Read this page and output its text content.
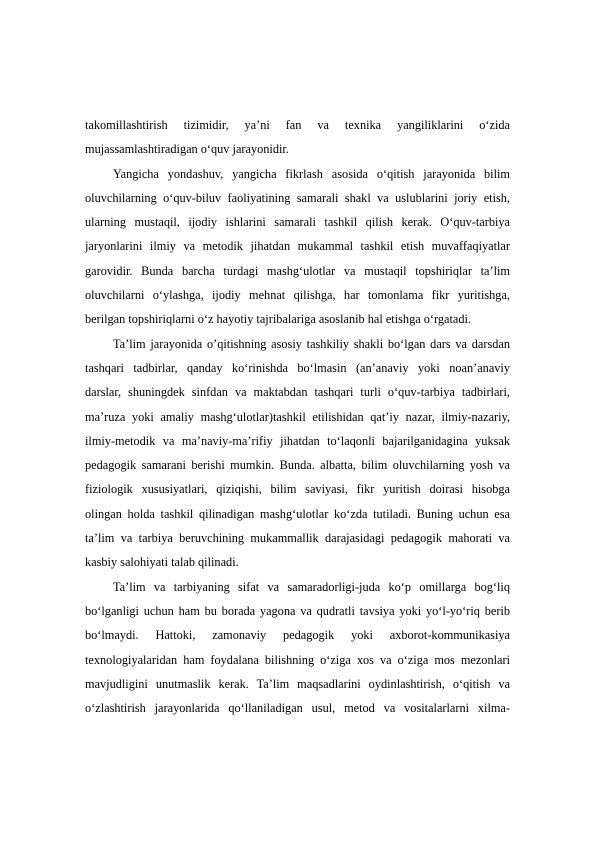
takomillashtirish tizimidir, ya’ni fan va texnika yangiliklarini o‘zida
mujassamlashtiradigan o‘quv jarayonidir.
Yangicha yondashuv, yangicha fikrlash asosida o‘qitish jarayonida bilim
oluvchilarning o‘quv-biluv faoliyatining samarali shakl va uslublarini joriy etish,
ularning mustaqil, ijodiy ishlarini samarali tashkil qilish kerak. O‘quv-tarbiya
jaryonlarini ilmiy va metodik jihatdan mukammal tashkil etish muvaffaqiyatlar
garovidir. Bunda barcha turdagi mashg‘ulotlar va mustaqil topshiriqlar ta’lim
oluvchilarni o‘ylashga, ijodiy mehnat qilishga, har tomonlama fikr yuritishga,
berilgan topshiriqlarni o‘z hayotiy tajribalariga asoslanib hal etishga o‘rgatadi.
Ta’lim jarayonida o’qitishning asosiy tashkiliy shakli bo‘lgan dars va darsdan
tashqari tadbirlar, qanday ko‘rinishda bo‘lmasin (an’anaviy yoki noan’anaviy
darslar, shuningdek sinfdan va maktabdan tashqari turli o‘quv-tarbiya tadbirlari,
ma’ruza yoki amaliy mashg‘ulotlar)tashkil etilishidan qat’iy nazar, ilmiy-nazariy,
ilmiy-metodik va ma’naviy-ma’rifiy jihatdan to‘laqonli bajarilganidagina yuksak
pedagogik samarani berishi mumkin. Bunda. albatta, bilim oluvchilarning yosh va
fiziologik xususiyatlari, qiziqishi, bilim saviyasi, fikr yuritish doirasi hisobga
olingan holda tashkil qilinadigan mashg‘ulotlar ko‘zda tutiladi. Buning uchun esa
ta’lim va tarbiya beruvchining mukammallik darajasidagi pedagogik mahorati va
kasbiy salohiyati talab qilinadi.
Ta’lim va tarbiyaning sifat va samaradorligi-juda ko‘p omillarga bog‘liq
bo‘lganligi uchun ham bu borada yagona va qudratli tavsiya yoki yo‘l-yo‘riq berib
bo‘lmaydi. Hattoki, zamonaviy pedagogik yoki axborot-kommunikasiya
texnologiyalaridan ham foydalana bilishning o‘ziga xos va o‘ziga mos mezonlari
mavjudligini unutmaslik kerak. Ta’lim maqsadlarini oydinlashtirish, o‘qitish va
o‘zlashtirish jarayonlarida qo‘llaniladigan usul, metod va vositalarlarni xilma-
